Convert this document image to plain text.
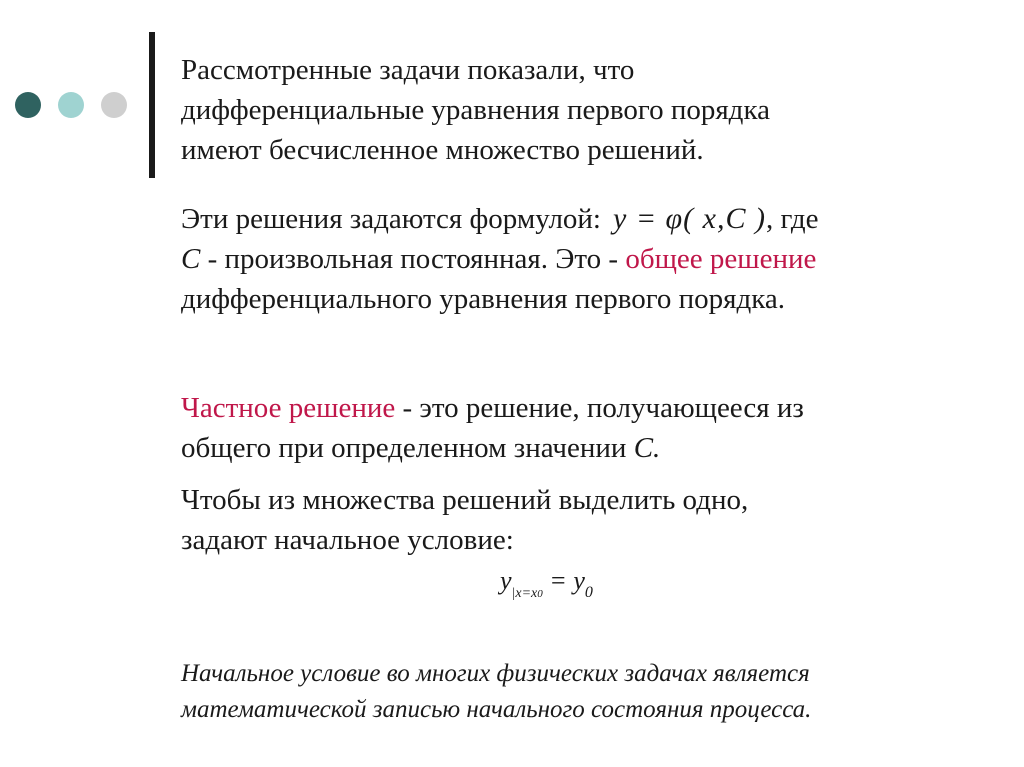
Рассмотренные задачи показали, что
дифференциальные уравнения первого порядка
имеют бесчисленное множество решений.
Эти решения задаются формулой: y = φ( x,C ), где
C - произвольная постоянная. Это - общее решение
дифференциального уравнения первого порядка.
Частное решение - это решение, получающееся из
общего при определенном значении C.
Чтобы из множества решений выделить одно,
задают начальное условие:
$y_{|x=x0} = y_0$
Начальное условие во многих физических задачах является
математической записью начального состояния процесса.
